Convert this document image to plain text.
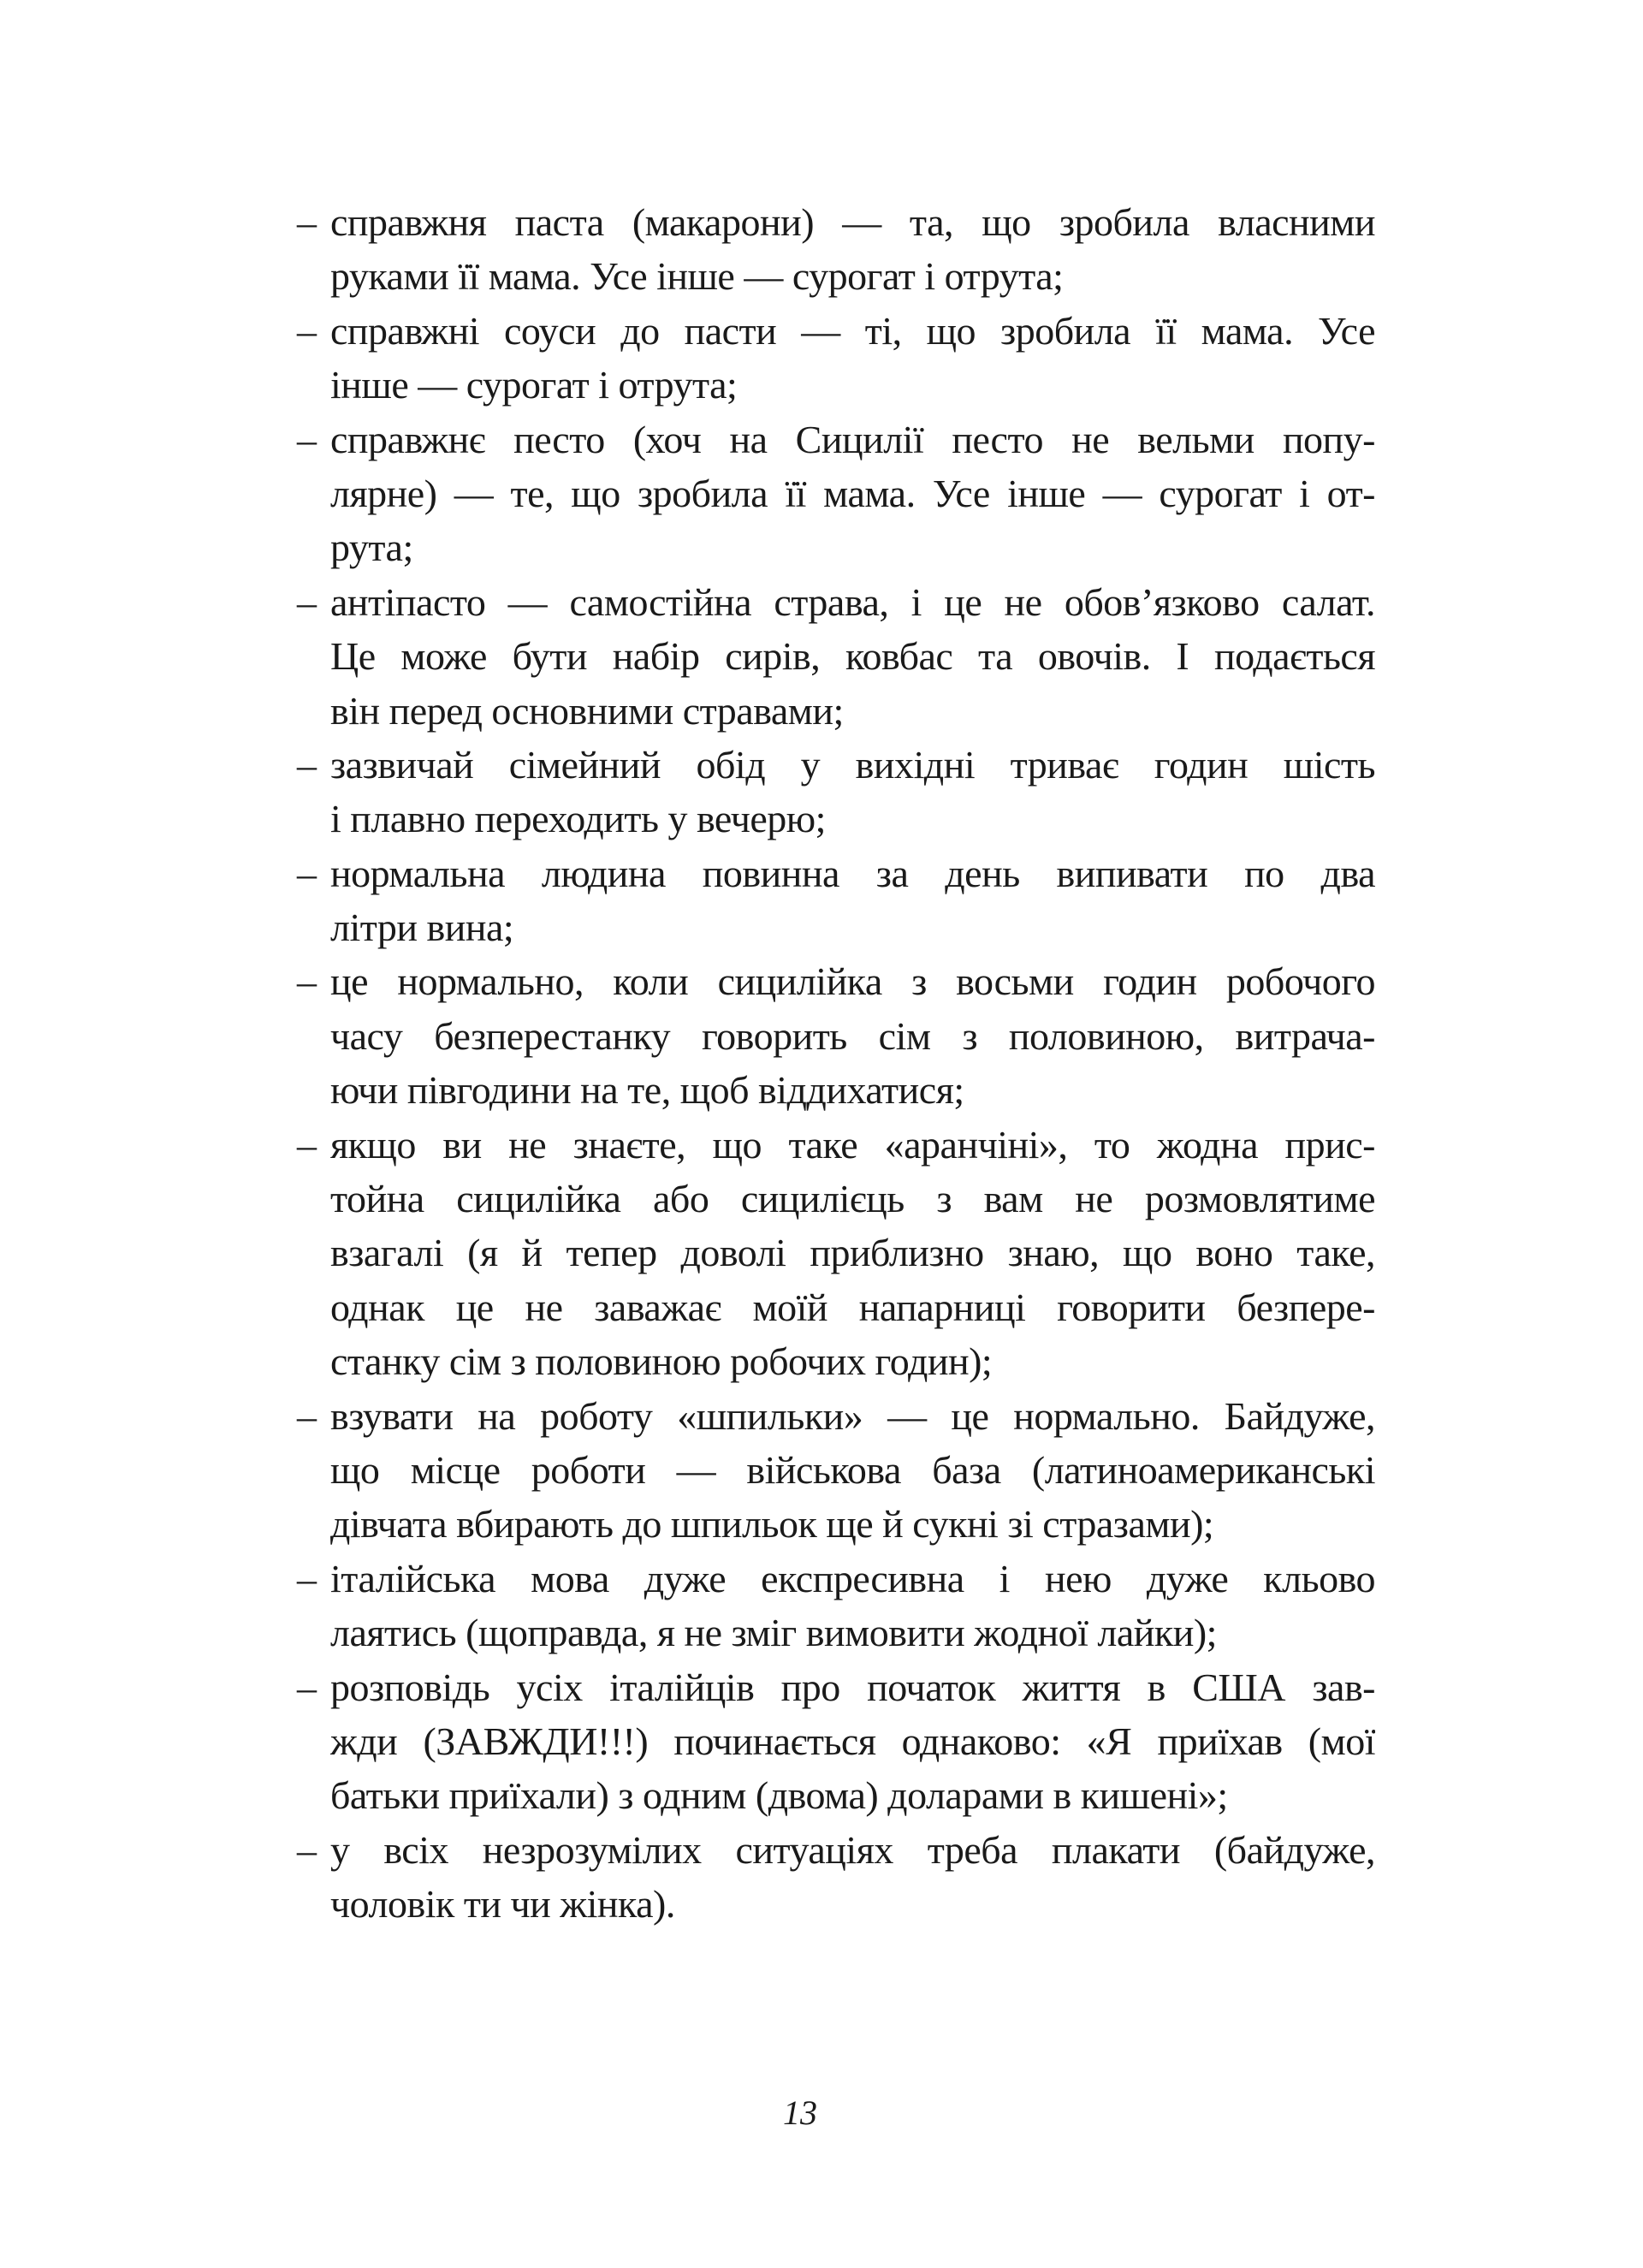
– справжня паста (макарони) — та, що зробила власними
руками її мама. Усе інше — сурогат і отрута;
– справжні соуси до пасти — ті, що зробила її мама. Усе
інше — сурогат і отрута;
– справжнє песто (хоч на Сицилії песто не вельми попу-
лярне) — те, що зробила її мама. Усе інше — сурогат і от-
рута;
– антіпасто — самостійна страва, і це не обов’язково салат.
Це може бути набір сирів, ковбас та овочів. І подається
він перед основними стравами;
– зазвичай сімейний обід у вихідні триває годин шість
і плавно переходить у вечерю;
– нормальна людина повинна за день випивати по два
літри вина;
– це нормально, коли сицилійка з восьми годин робочого
часу безперестанку говорить сім з половиною, витрача-
ючи півгодини на те, щоб віддихатися;
– якщо ви не знаєте, що таке «аранчіні», то жодна прис-
тойна сицилійка або сицилієць з вам не розмовлятиме
взагалі (я й тепер доволі приблизно знаю, що воно таке,
однак це не заважає моїй напарниці говорити безпере-
станку сім з половиною робочих годин);
– взувати на роботу «шпильки» — це нормально. Байдуже,
що місце роботи — військова база (латиноамериканські
дівчата вбирають до шпильок ще й сукні зі стразами);
– італійська мова дуже експресивна і нею дуже кльово
лаятись (щоправда, я не зміг вимовити жодної лайки);
– розповідь усіх італійців про початок життя в США зав-
жди (ЗАВЖДИ!!!) починається однаково: «Я приїхав (мої
батьки приїхали) з одним (двома) доларами в кишені»;
– у всіх незрозумілих ситуаціях треба плакати (байдуже,
чоловік ти чи жінка).
13
